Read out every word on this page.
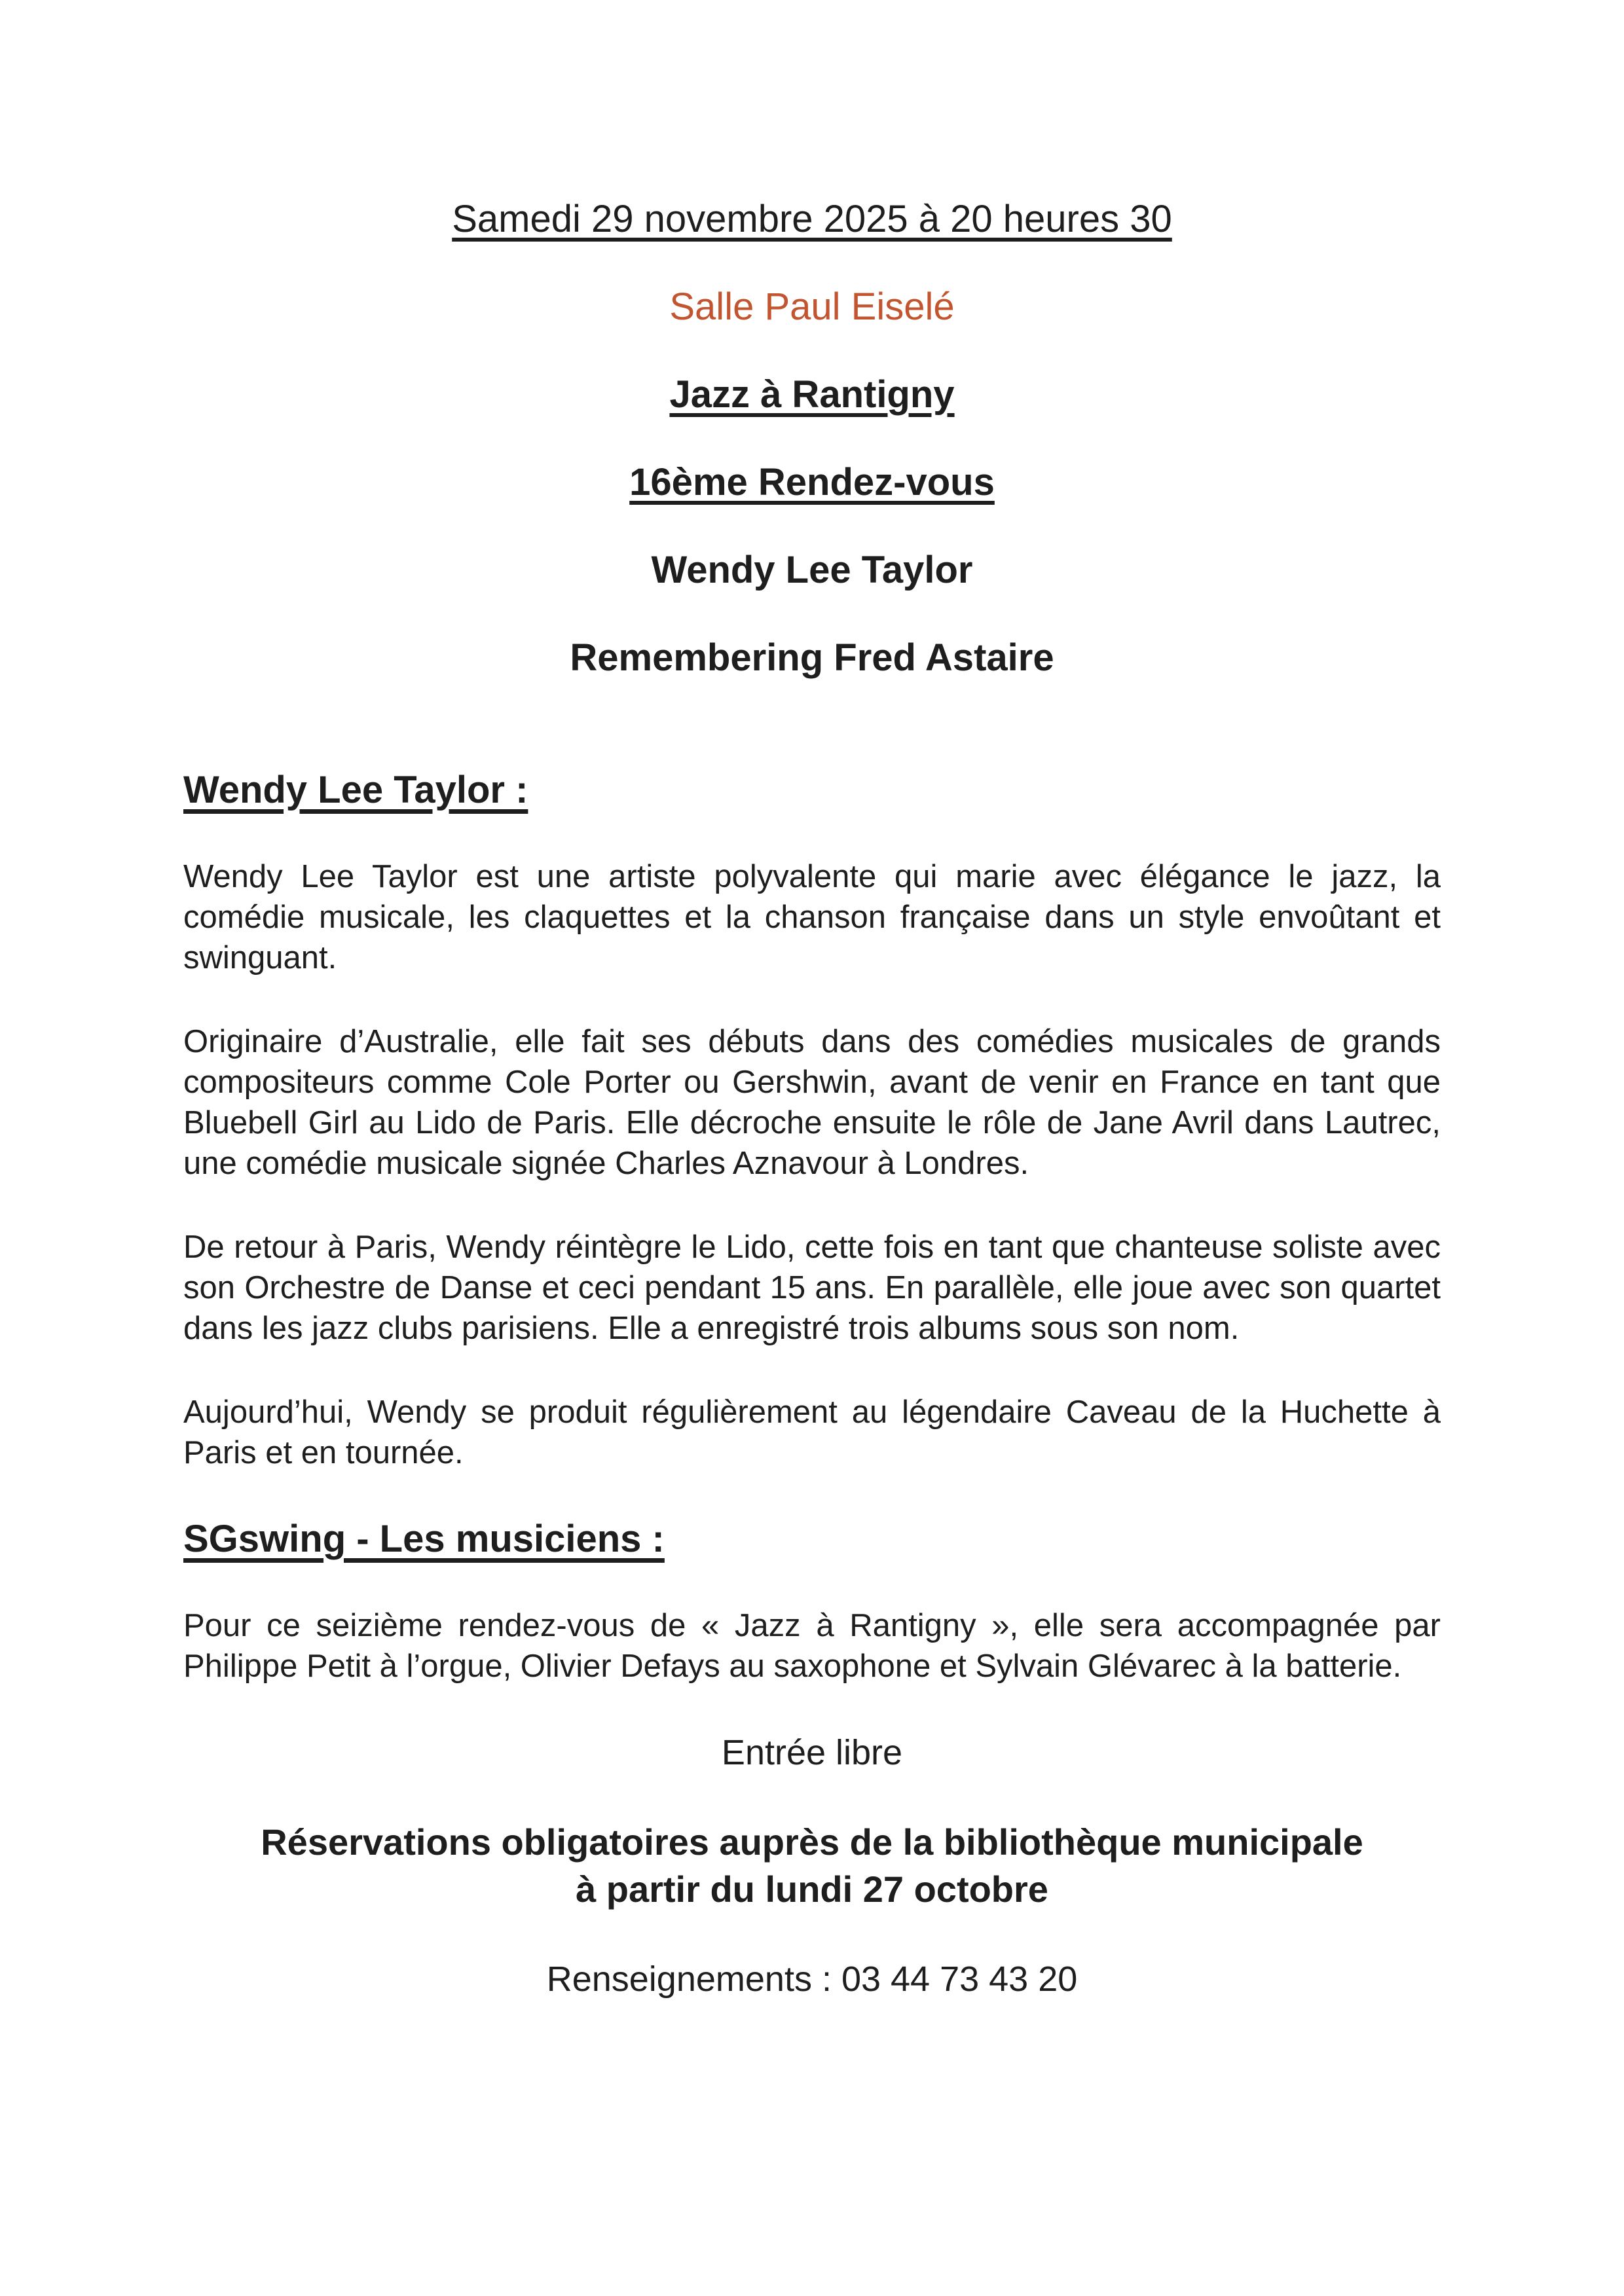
Samedi 29 novembre 2025 à 20 heures 30
Salle Paul Eiselé
Jazz à Rantigny
16ème Rendez-vous
Wendy Lee Taylor
Remembering Fred Astaire
Wendy Lee Taylor :

Wendy Lee Taylor est une artiste polyvalente qui marie avec élégance le jazz, la comédie musicale, les claquettes et la chanson française dans un style envoûtant et swinguant.

Originaire d’Australie, elle fait ses débuts dans des comédies musicales de grands compositeurs comme Cole Porter ou Gershwin, avant de venir en France en tant que Bluebell Girl au Lido de Paris. Elle décroche ensuite le rôle de Jane Avril dans Lautrec, une comédie musicale signée Charles Aznavour à Londres.

De retour à Paris, Wendy réintègre le Lido, cette fois en tant que chanteuse soliste avec son Orchestre de Danse et ceci pendant 15 ans. En parallèle, elle joue avec son quartet dans les jazz clubs parisiens. Elle a enregistré trois albums sous son nom.

Aujourd’hui, Wendy se produit régulièrement au légendaire Caveau de la Huchette à Paris et en tournée.

SGswing - Les musiciens :

Pour ce seizième rendez-vous de « Jazz à Rantigny », elle sera accompagnée par Philippe Petit à l’orgue, Olivier Defays au saxophone et Sylvain Glévarec à la batterie.

Entrée libre
Réservations obligatoires auprès de la bibliothèque municipale
à partir du lundi 27 octobre
Renseignements : 03 44 73 43 20
